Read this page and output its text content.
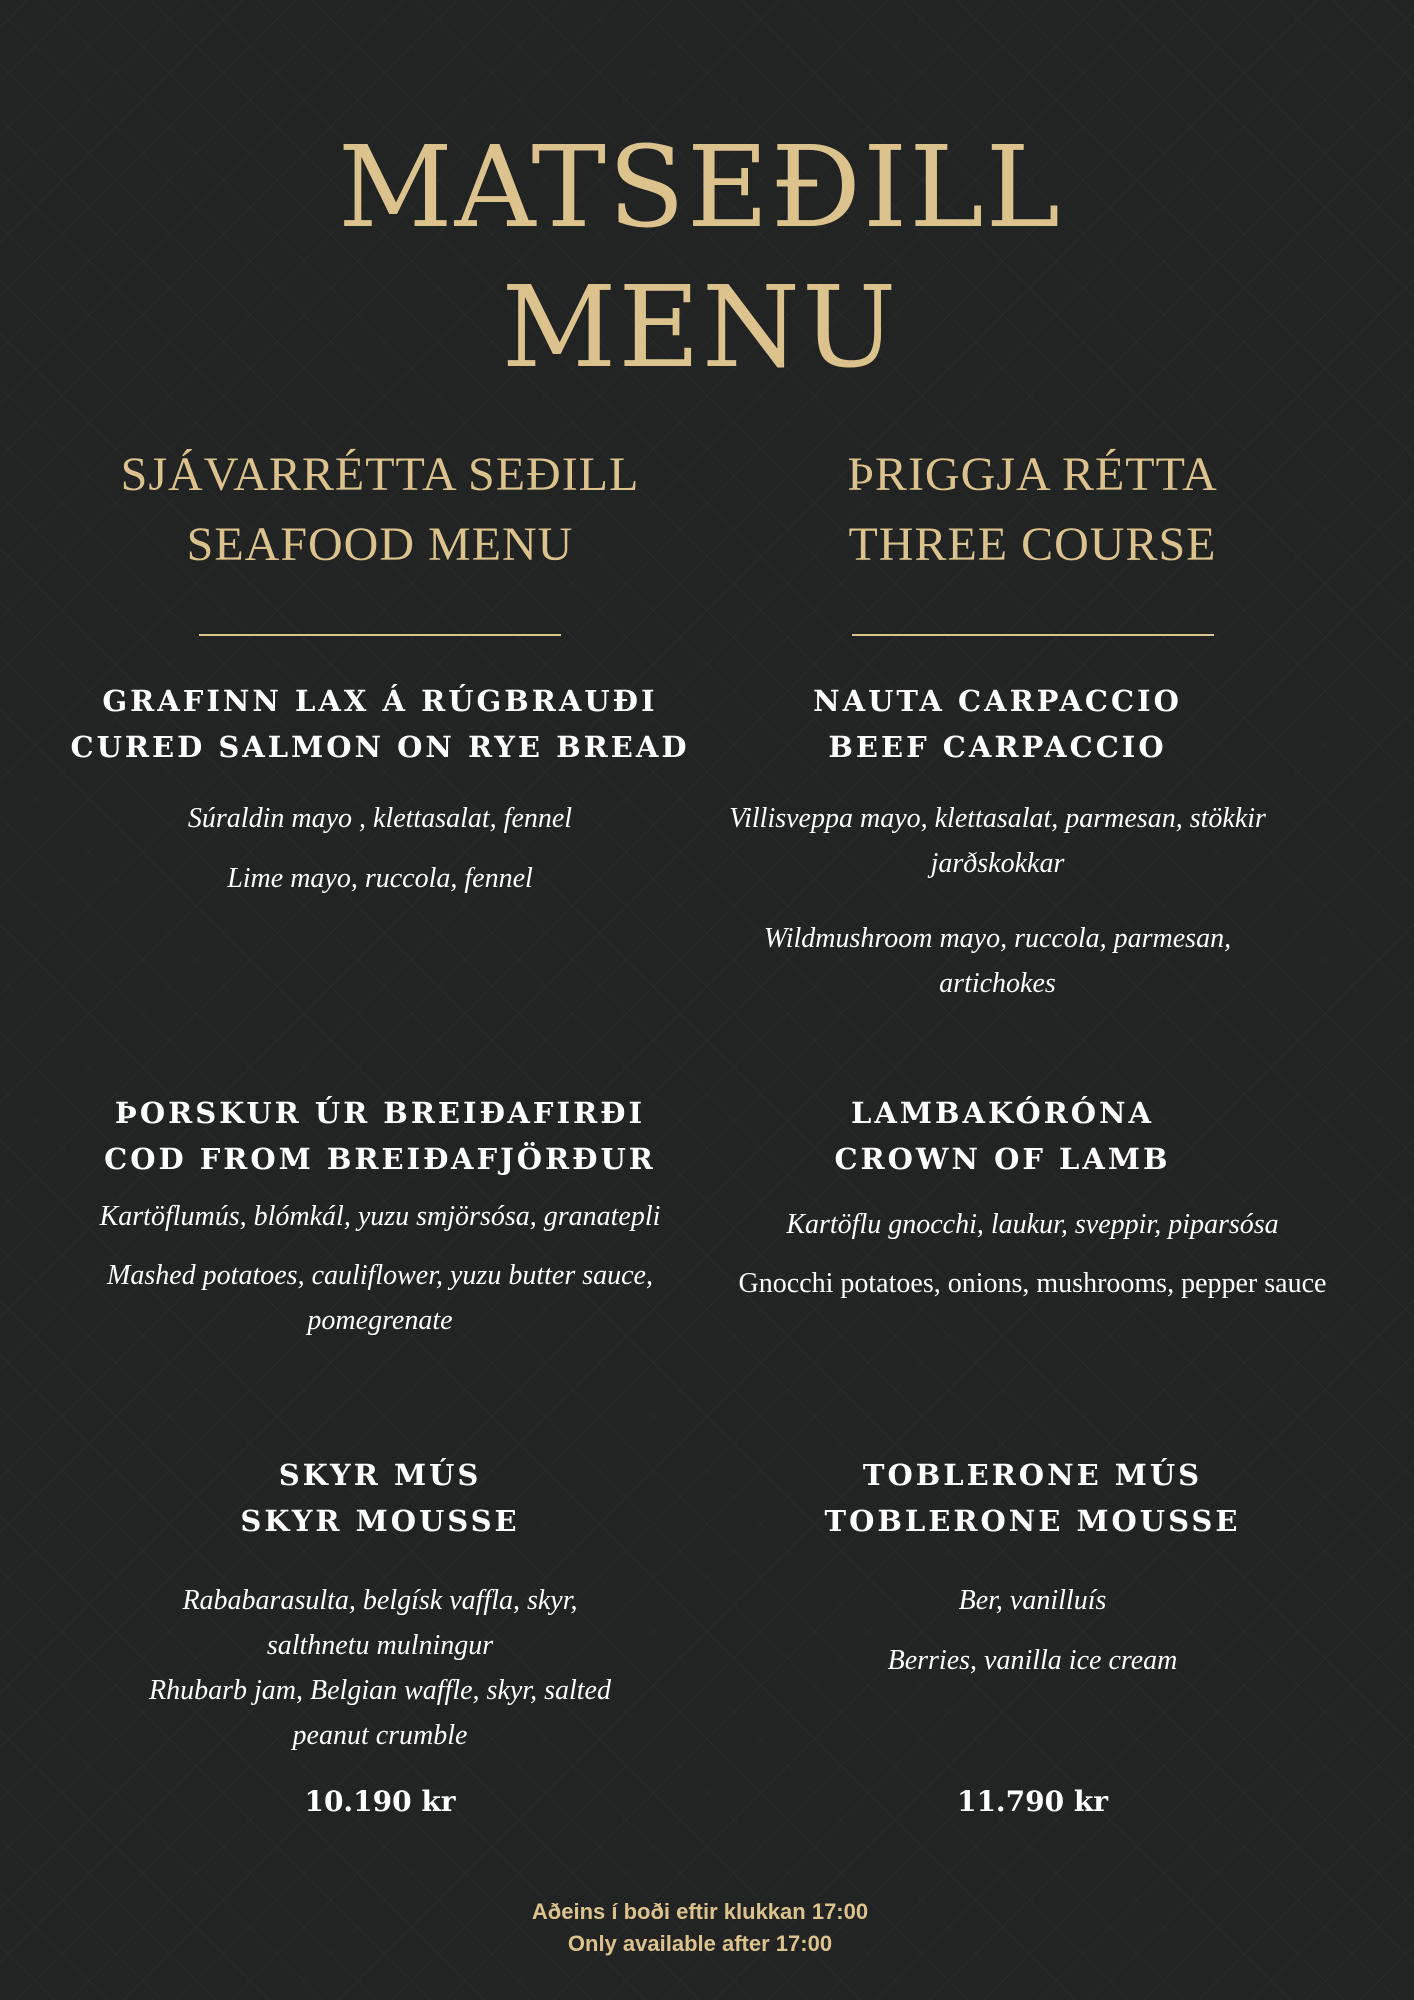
MATSEÐILL
MENU
SJÁVARRÉTTA SEÐILL
SEAFOOD MENU
GRAFINN LAX Á RÚGBRAUÐI
CURED SALMON ON RYE BREAD
Súraldin mayo , klettasalat, fennel
Lime mayo, ruccola, fennel
ÞORSKUR ÚR BREIÐAFIRÐI
COD FROM BREIÐAFJÖRÐUR
Kartöflumús, blómkál, yuzu smjörsósa, granatepli
Mashed potatoes, cauliflower, yuzu butter sauce, pomegrenate
SKYR MÚS
SKYR MOUSSE
Rababarasulta, belgísk vaffla, skyr, salthnetu mulningur
Rhubarb jam, Belgian waffle, skyr, salted peanut crumble
10.190 kr
ÞRIGGJA RÉTTA
THREE COURSE
NAUTA CARPACCIO
BEEF CARPACCIO
Villisveppa mayo, klettasalat, parmesan, stökkir jarðskokkar
Wildmushroom mayo, ruccola, parmesan, artichokes
LAMBAKÓRÓNA
CROWN OF LAMB
Kartöflu gnocchi, laukur, sveppir, piparsósa
Gnocchi potatoes, onions, mushrooms, pepper sauce
TOBLERONE MÚS
TOBLERONE MOUSSE
Ber, vanilluís
Berries, vanilla ice cream
11.790 kr
Aðeins í boði eftir klukkan 17:00
Only available after 17:00
